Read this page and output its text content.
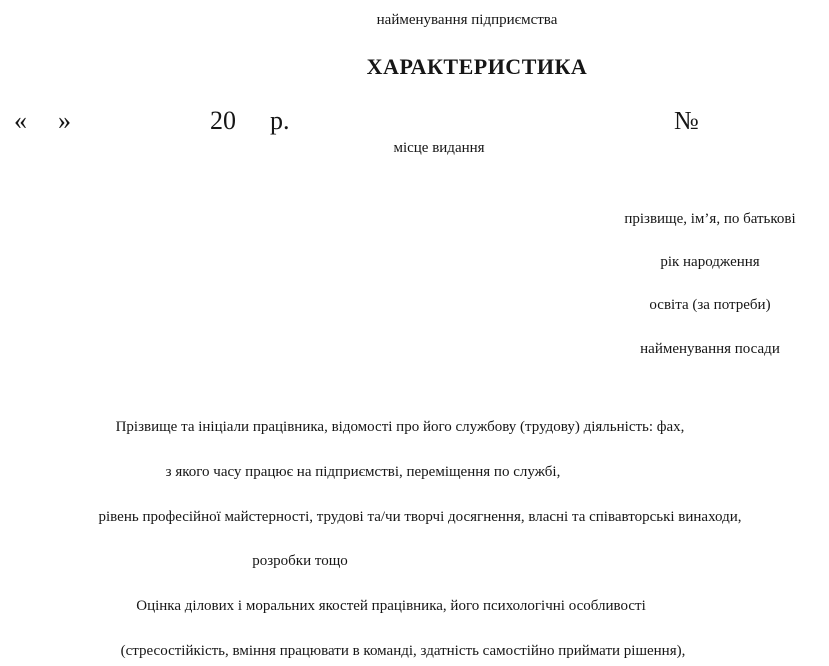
найменування підприємства
ХАРАКТЕРИСТИКА
« »	20 р.	№
місце видання
прізвище, ім’я, по батькові
рік народження
освіта (за потреби)
найменування посади
Прізвище та ініціали працівника, відомості про його службову (трудову) діяльність: фах,
з якого часу працює на підприємстві, переміщення по службі,
рівень професійної майстерності, трудові та/чи творчі досягнення, власні та співавторські винаходи,
розробки тощо
Оцінка ділових і моральних якостей працівника, його психологічні особливості
(стресостійкість, вміння працювати в команді, здатність самостійно приймати рішення),
